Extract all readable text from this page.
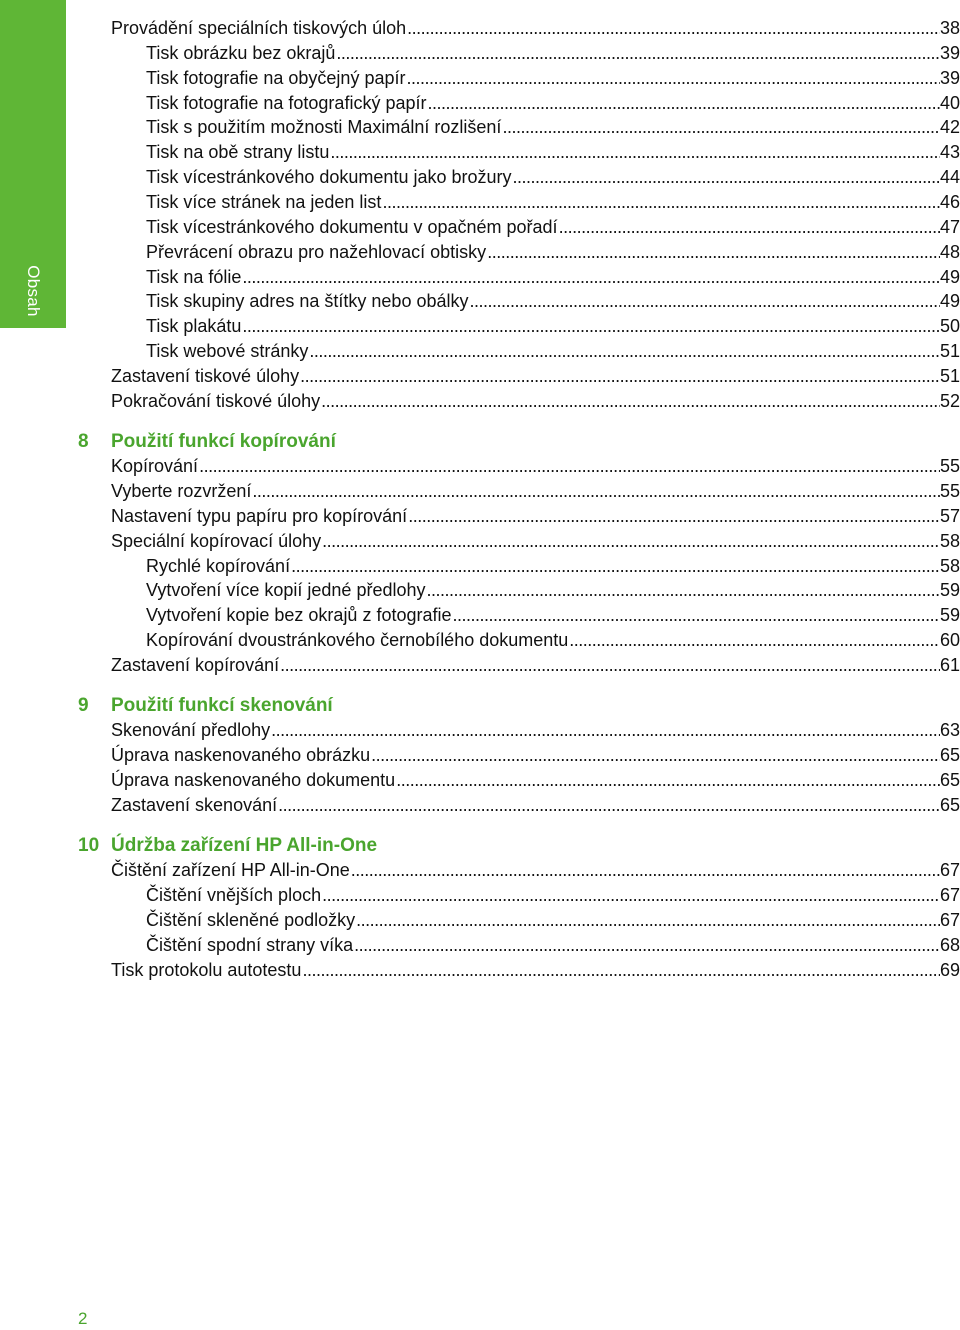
Obsah
Provádění speciálních tiskových úloh .....	38
Tisk obrázku bez okrajů .....	39
Tisk fotografie na obyčejný papír .....	39
Tisk fotografie na fotografický papír .....	40
Tisk s použitím možnosti Maximální rozlišení .....	42
Tisk na obě strany listu .....	43
Tisk vícestránkového dokumentu jako brožury .....	44
Tisk více stránek na jeden list .....	46
Tisk vícestránkového dokumentu v opačném pořadí .....	47
Převrácení obrazu pro nažehlovací obtisky .....	48
Tisk na fólie .....	49
Tisk skupiny adres na štítky nebo obálky .....	49
Tisk plakátu .....	50
Tisk webové stránky .....	51
Zastavení tiskové úlohy .....	51
Pokračování tiskové úlohy .....	52
8 Použití funkcí kopírování
Kopírování .....	55
Vyberte rozvržení .....	55
Nastavení typu papíru pro kopírování .....	57
Speciální kopírovací úlohy .....	58
Rychlé kopírování .....	58
Vytvoření více kopií jedné předlohy .....	59
Vytvoření kopie bez okrajů z fotografie .....	59
Kopírování dvoustránkového černobílého dokumentu .....	60
Zastavení kopírování .....	61
9 Použití funkcí skenování
Skenování předlohy .....	63
Úprava naskenovaného obrázku .....	65
Úprava naskenovaného dokumentu .....	65
Zastavení skenování .....	65
10 Údržba zařízení HP All-in-One
Čištění zařízení HP All-in-One .....	67
Čištění vnějších ploch .....	67
Čištění skleněné podložky .....	67
Čištění spodní strany víka .....	68
Tisk protokolu autotestu .....	69
2
